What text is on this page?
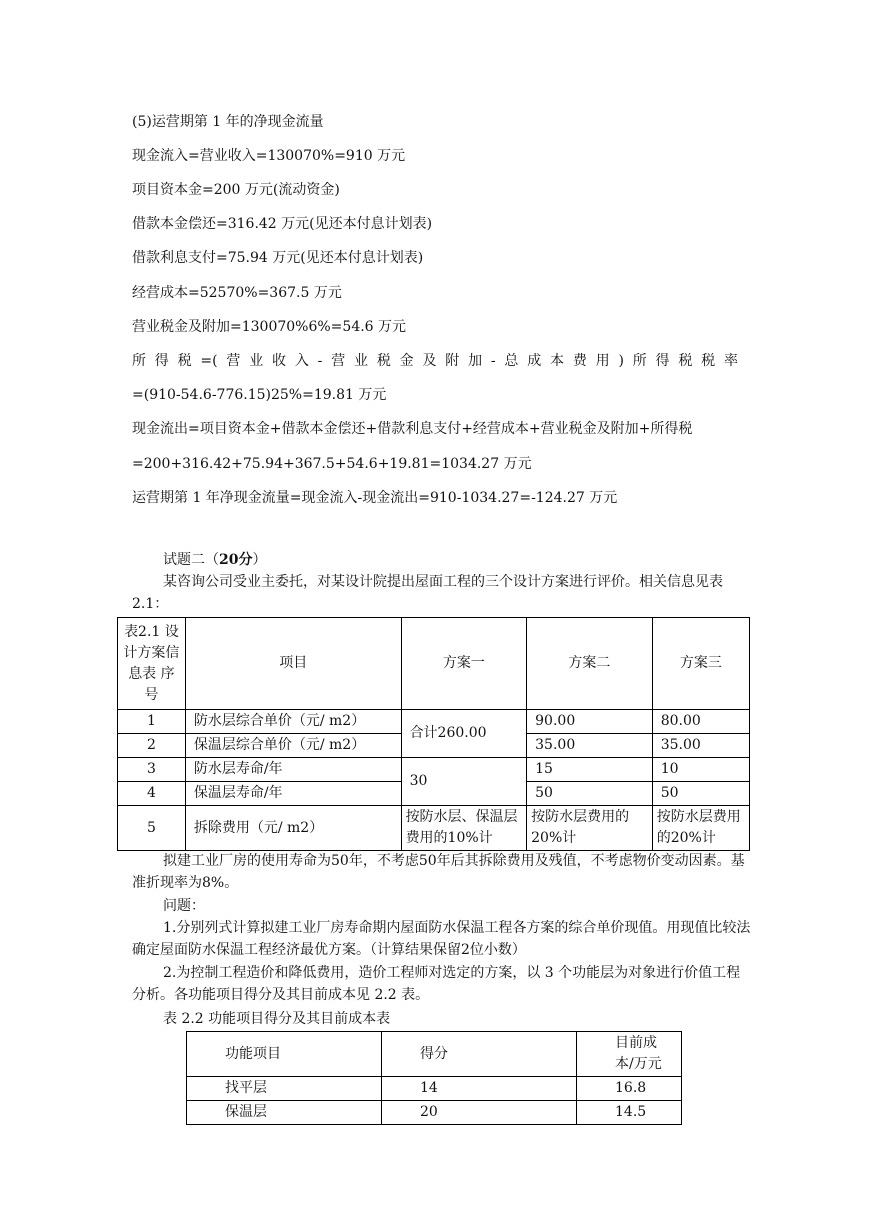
(5)运营期第 1 年的净现金流量
现金流入=营业收入=130070%=910 万元
项目资本金=200 万元(流动资金)
借款本金偿还=316.42 万元(见还本付息计划表)
借款利息支付=75.94 万元(见还本付息计划表)
经营成本=52570%=367.5 万元
营业税金及附加=130070%6%=54.6 万元
所得税=(营业收入-营业税金及附加-总成本费用)所得税税率
=(910-54.6-776.15)25%=19.81 万元
现金流出=项目资本金+借款本金偿还+借款利息支付+经营成本+营业税金及附加+所得税
=200+316.42+75.94+367.5+54.6+19.81=1034.27 万元
运营期第 1 年净现金流量=现金流入-现金流出=910-1034.27=-124.27 万元
试题二（20分）
某咨询公司受业主委托，对某设计院提出屋面工程的三个设计方案进行评价。相关信息见表2.1：
表2.1 设计方案信息表 序号	项目	方案一	方案二	方案三
1	防水层综合单价（元/ m2）	合计260.00	90.00	80.00
2	保温层综合单价（元/ m2）		35.00	35.00
3	防水层寿命/年	30	15	10
4	保温层寿命/年		50	50
5	拆除费用（元/ m2）	按防水层、保温层费用的10%计	按防水层费用的20%计	按防水层费用的20%计
拟建工业厂房的使用寿命为50年，不考虑50年后其拆除费用及残值，不考虑物价变动因素。基准折现率为8%。
问题：
1.分别列式计算拟建工业厂房寿命期内屋面防水保温工程各方案的综合单价现值。用现值比较法确定屋面防水保温工程经济最优方案。（计算结果保留2位小数）
2.为控制工程造价和降低费用，造价工程师对选定的方案，以 3 个功能层为对象进行价值工程分析。各功能项目得分及其目前成本见 2.2 表。
表 2.2 功能项目得分及其目前成本表
功能项目	得分	目前成本/万元
找平层	14	16.8
保温层	20	14.5
